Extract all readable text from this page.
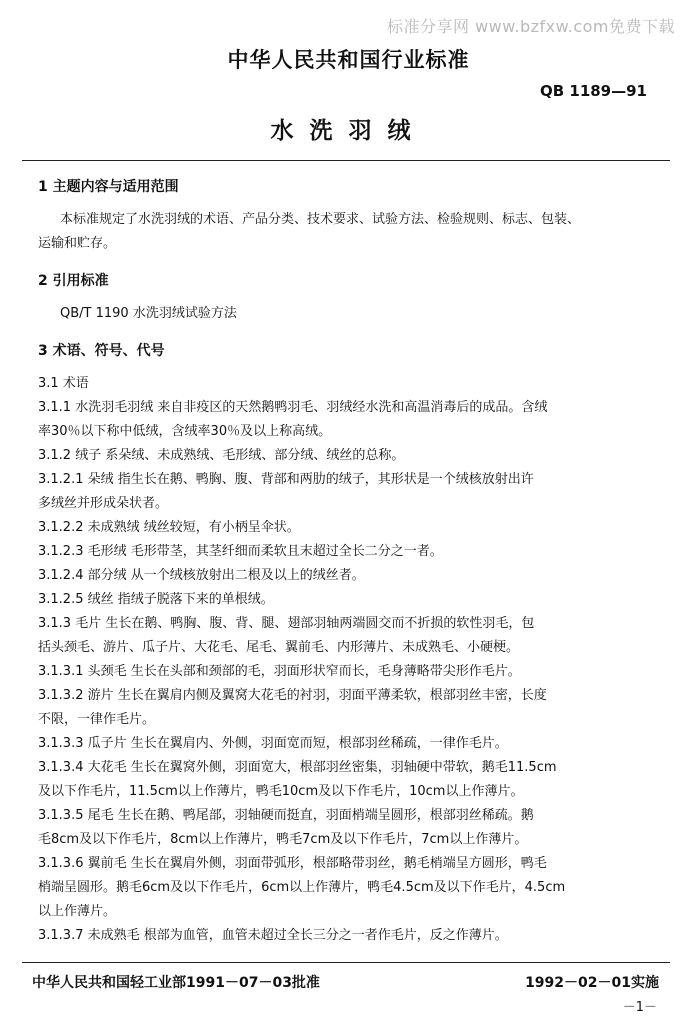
标准分享网 www.bzfxw.com免费下载
中华人民共和国行业标准
QB 1189—91
水洗羽绒
1 主题内容与适用范围
本标准规定了水洗羽绒的术语、产品分类、技术要求、试验方法、检验规则、标志、包装、
运输和贮存。
2 引用标准
QB/T 1190 水洗羽绒试验方法
3 术语、符号、代号
3.1 术语
3.1.1 水洗羽毛羽绒 来自非疫区的天然鹅鸭羽毛、羽绒经水洗和高温消毒后的成品。含绒
率30％以下称中低绒，含绒率30％及以上称高绒。
3.1.2 绒子 系朵绒、未成熟绒、毛形绒、部分绒、绒丝的总称。
3.1.2.1 朵绒 指生长在鹅、鸭胸、腹、背部和两肋的绒子，其形状是一个绒核放射出许
多绒丝并形成朵状者。
3.1.2.2 未成熟绒 绒丝较短，有小柄呈伞状。
3.1.2.3 毛形绒 毛形带茎，其茎纤细而柔软且末超过全长二分之一者。
3.1.2.4 部分绒 从一个绒核放射出二根及以上的绒丝者。
3.1.2.5 绒丝 指绒子脱落下来的单根绒。
3.1.3 毛片 生长在鹅、鸭胸、腹、背、腿、翅部羽轴两端圆交而不折损的软性羽毛，包
括头颈毛、游片、瓜子片、大花毛、尾毛、翼前毛、内形薄片、未成熟毛、小硬梗。
3.1.3.1 头颈毛 生长在头部和颈部的毛，羽面形状窄而长，毛身薄略带尖形作毛片。
3.1.3.2 游片 生长在翼肩内侧及翼窝大花毛的衬羽，羽面平薄柔软，根部羽丝丰密，长度
不限，一律作毛片。
3.1.3.3 瓜子片 生长在翼肩内、外侧，羽面宽而短，根部羽丝稀疏，一律作毛片。
3.1.3.4 大花毛 生长在翼窝外侧，羽面宽大，根部羽丝密集，羽轴硬中带软，鹅毛11.5cm
及以下作毛片，11.5cm以上作薄片，鸭毛10cm及以下作毛片，10cm以上作薄片。
3.1.3.5 尾毛 生长在鹅、鸭尾部，羽轴硬而挺直，羽面梢端呈圆形，根部羽丝稀疏。鹅
毛8cm及以下作毛片，8cm以上作薄片，鸭毛7cm及以下作毛片，7cm以上作薄片。
3.1.3.6 翼前毛 生长在翼肩外侧，羽面带弧形，根部略带羽丝，鹅毛梢端呈方圆形，鸭毛
梢端呈圆形。鹅毛6cm及以下作毛片，6cm以上作薄片，鸭毛4.5cm及以下作毛片，4.5cm
以上作薄片。
3.1.3.7 未成熟毛 根部为血管，血管未超过全长三分之一者作毛片，反之作薄片。
中华人民共和国轻工业部1991－07－03批准	1992－02－01实施
－1－
